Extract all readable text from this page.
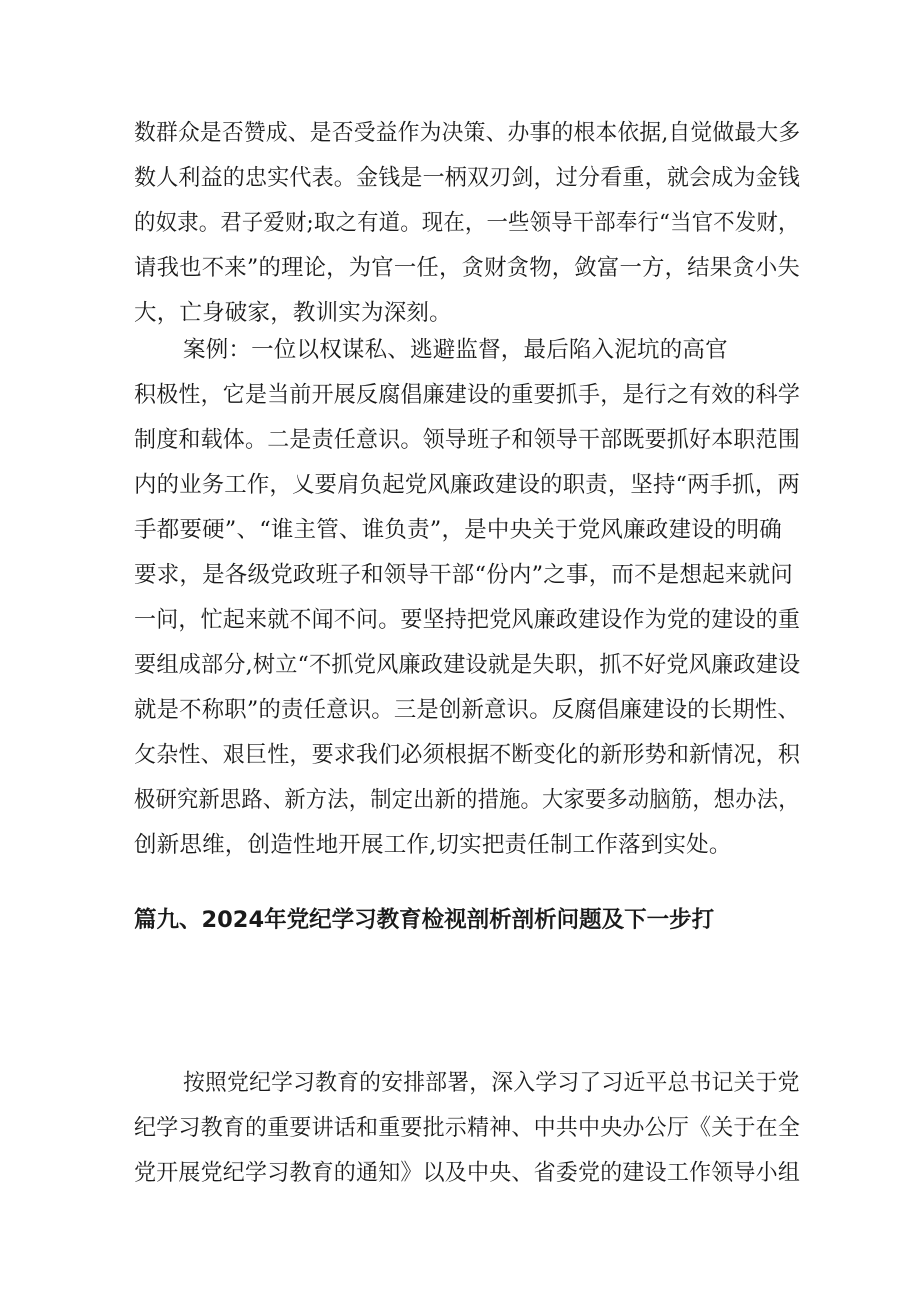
数群众是否赞成、是否受益作为决策、办事的根本依据,自觉做最大多
数人利益的忠实代表。金钱是一柄双刃剑，过分看重，就会成为金钱
的奴隶。君子爱财;取之有道。现在，一些领导干部奉行“当官不发财，
请我也不来”的理论，为官一任，贪财贪物，敛富一方，结果贪小失
大，亡身破家，教训实为深刻。
案例：一位以权谋私、逃避监督，最后陷入泥坑的高官
积极性，它是当前开展反腐倡廉建设的重要抓手，是行之有效的科学
制度和载体。二是责任意识。领导班子和领导干部既要抓好本职范围
内的业务工作，乂要肩负起党风廉政建设的职责，坚持“两手抓，两
手都要硬”、“谁主管、谁负责”，是中央关于党风廉政建设的明确
要求，是各级党政班子和领导干部“份内”之事，而不是想起来就问
一问，忙起来就不闻不问。要坚持把党风廉政建设作为党的建设的重
要组成部分,树立“不抓党风廉政建设就是失职，抓不好党风廉政建设
就是不称职”的责任意识。三是创新意识。反腐倡廉建设的长期性、
攵杂性、艰巨性，要求我们必须根据不断变化的新形势和新情况，积
极研究新思路、新方法，制定出新的措施。大家要多动脑筋，想办法，
创新思维，创造性地开展工作,切实把责任制工作落到实处。
篇九、2024年党纪学习教育检视剖析剖析问题及下一步打
按照党纪学习教育的安排部署，深入学习了习近平总书记关于党
纪学习教育的重要讲话和重要批示精神、中共中央办公厅《关于在全
党开展党纪学习教育的通知》以及中央、省委党的建设工作领导小组
